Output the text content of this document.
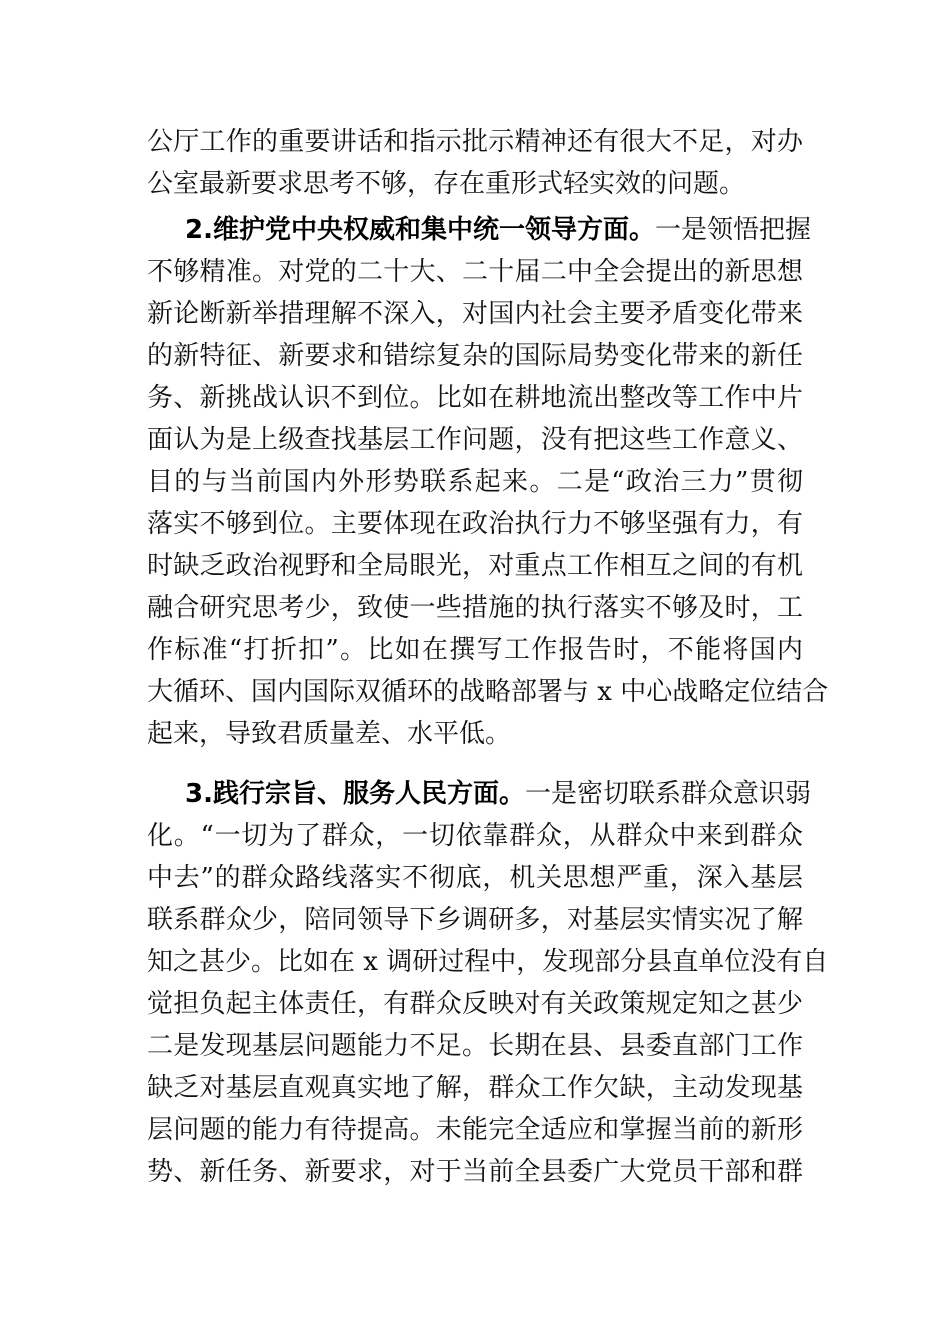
公厅工作的重要讲话和指示批示精神还有很大不足，对办
公室最新要求思考不够，存在重形式轻实效的问题。
2.维护党中央权威和集中统一领导方面。一是领悟把握
不够精准。对党的二十大、二十届二中全会提出的新思想
新论断新举措理解不深入，对国内社会主要矛盾变化带来
的新特征、新要求和错综复杂的国际局势变化带来的新任
务、新挑战认识不到位。比如在耕地流出整改等工作中片
面认为是上级查找基层工作问题，没有把这些工作意义、
目的与当前国内外形势联系起来。二是“政治三力”贯彻
落实不够到位。主要体现在政治执行力不够坚强有力，有
时缺乏政治视野和全局眼光，对重点工作相互之间的有机
融合研究思考少，致使一些措施的执行落实不够及时，工
作标准“打折扣”。比如在撰写工作报告时，不能将国内
大循环、国内国际双循环的战略部署与 x 中心战略定位结合
起来，导致君质量差、水平低。
3.践行宗旨、服务人民方面。一是密切联系群众意识弱
化。“一切为了群众，一切依靠群众，从群众中来到群众
中去”的群众路线落实不彻底，机关思想严重，深入基层
联系群众少，陪同领导下乡调研多，对基层实情实况了解
知之甚少。比如在 x 调研过程中，发现部分县直单位没有自
觉担负起主体责任，有群众反映对有关政策规定知之甚少
二是发现基层问题能力不足。长期在县、县委直部门工作
缺乏对基层直观真实地了解，群众工作欠缺，主动发现基
层问题的能力有待提高。未能完全适应和掌握当前的新形
势、新任务、新要求，对于当前全县委广大党员干部和群
